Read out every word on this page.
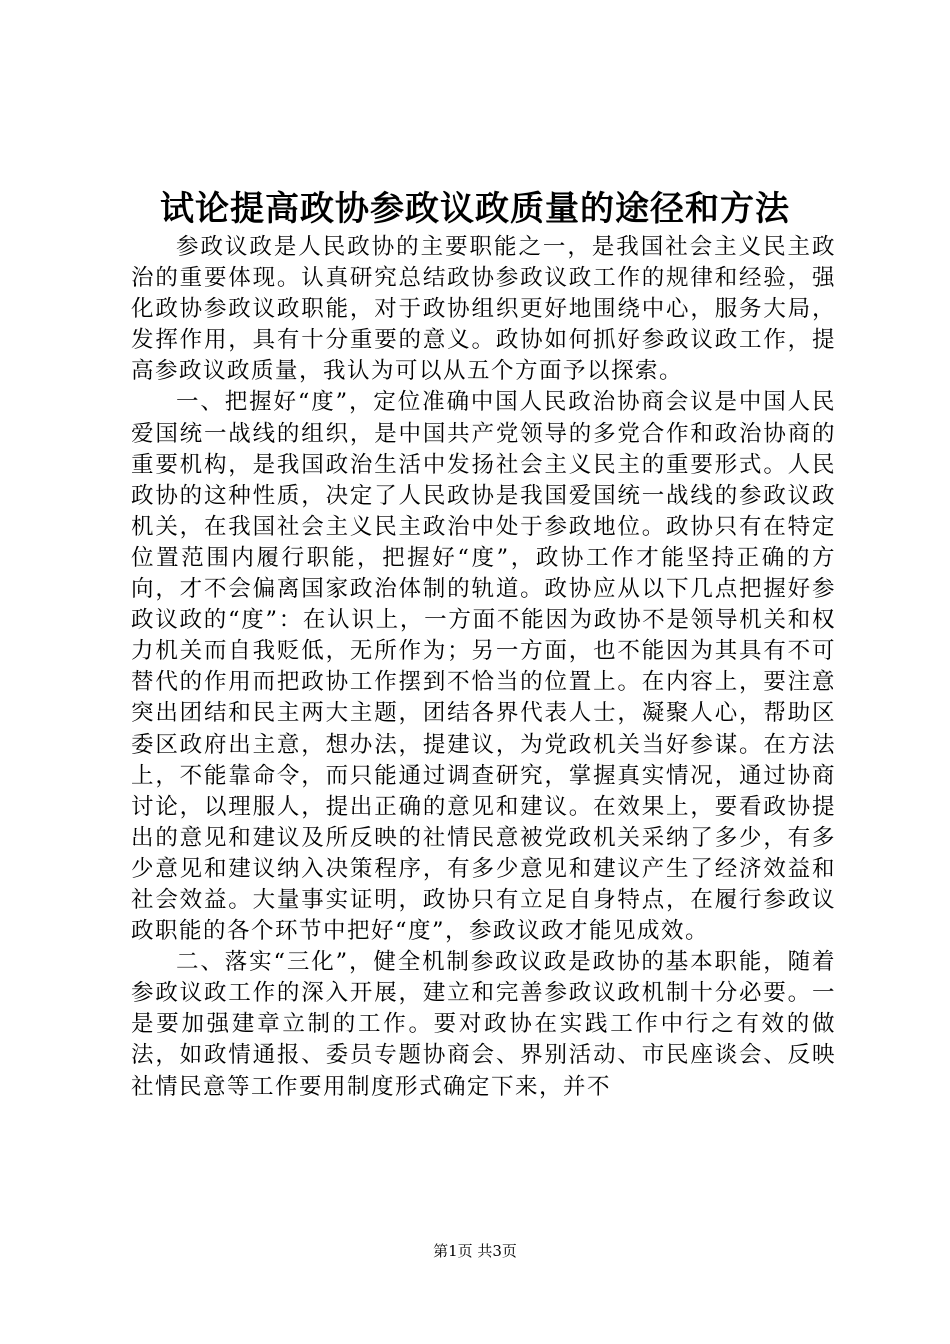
试论提高政协参政议政质量的途径和方法

参政议政是人民政协的主要职能之一，是我国社会主义民主政治的重要体现。认真研究总结政协参政议政工作的规律和经验，强化政协参政议政职能，对于政协组织更好地围绕中心，服务大局，发挥作用，具有十分重要的意义。政协如何抓好参政议政工作，提高参政议政质量，我认为可以从五个方面予以探索。

一、把握好“度”，定位准确中国人民政治协商会议是中国人民爱国统一战线的组织，是中国共产党领导的多党合作和政治协商的重要机构，是我国政治生活中发扬社会主义民主的重要形式。人民政协的这种性质，决定了人民政协是我国爱国统一战线的参政议政机关，在我国社会主义民主政治中处于参政地位。政协只有在特定位置范围内履行职能，把握好“度”，政协工作才能坚持正确的方向，才不会偏离国家政治体制的轨道。政协应从以下几点把握好参政议政的“度”：在认识上，一方面不能因为政协不是领导机关和权力机关而自我贬低，无所作为；另一方面，也不能因为其具有不可替代的作用而把政协工作摆到不恰当的位置上。在内容上，要注意突出团结和民主两大主题，团结各界代表人士，凝聚人心，帮助区委区政府出主意，想办法，提建议，为党政机关当好参谋。在方法上，不能靠命令，而只能通过调查研究，掌握真实情况，通过协商讨论，以理服人，提出正确的意见和建议。在效果上，要看政协提出的意见和建议及所反映的社情民意被党政机关采纳了多少，有多少意见和建议纳入决策程序，有多少意见和建议产生了经济效益和社会效益。大量事实证明，政协只有立足自身特点，在履行参政议政职能的各个环节中把好“度”，参政议政才能见成效。

二、落实“三化”，健全机制参政议政是政协的基本职能，随着参政议政工作的深入开展，建立和完善参政议政机制十分必要。一是要加强建章立制的工作。要对政协在实践工作中行之有效的做法，如政情通报、委员专题协商会、界别活动、市民座谈会、反映社情民意等工作要用制度形式确定下来，并不

第1页 共3页
